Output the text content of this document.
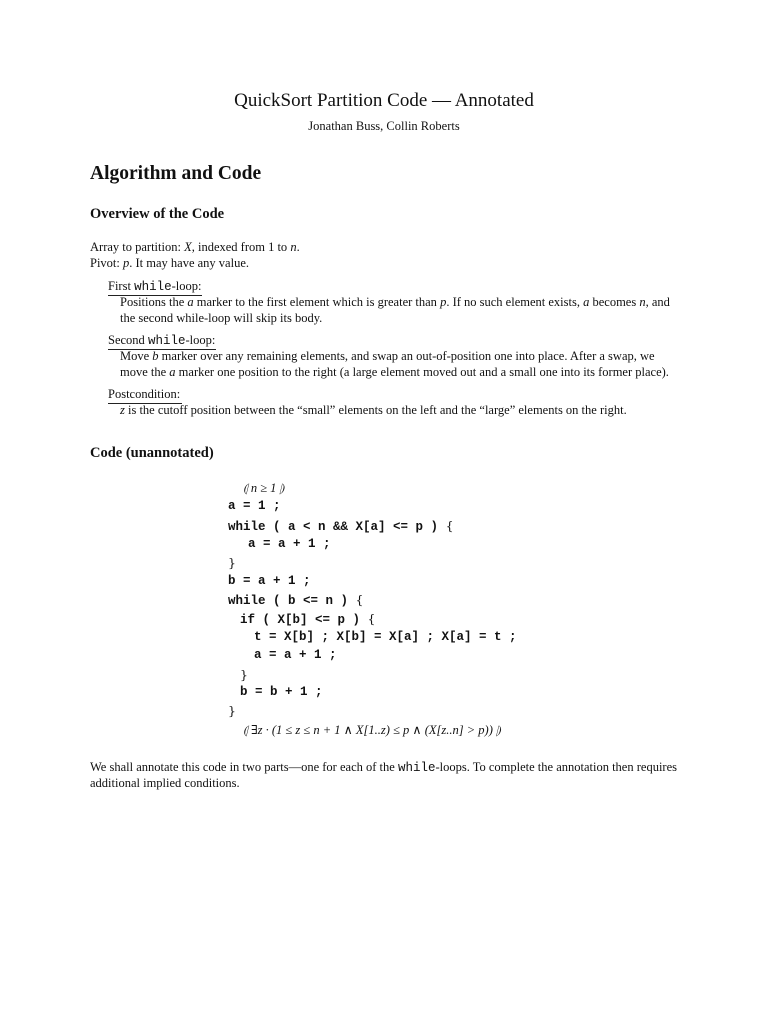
QuickSort Partition Code — Annotated
Jonathan Buss, Collin Roberts
Algorithm and Code
Overview of the Code
Array to partition: X, indexed from 1 to n.
Pivot: p. It may have any value.
First while-loop:
Positions the a marker to the first element which is greater than p. If no such element exists, a becomes n, and the second while-loop will skip its body.
Second while-loop:
Move b marker over any remaining elements, and swap an out-of-position one into place. After a swap, we move the a marker one position to the right (a large element moved out and a small one into its former place).
Postcondition:
z is the cutoff position between the “small” elements on the left and the “large” elements on the right.
Code (unannotated)
⦇ n ≥ 1 ⦈
a = 1 ;
while ( a < n && X[a] <= p ) {
a = a + 1 ;
}
b = a + 1 ;
while ( b <= n ) {
if ( X[b] <= p ) {
t = X[b] ; X[b] = X[a] ; X[a] = t ;
a = a + 1 ;
}
b = b + 1 ;
}
⦇ ∃z · (1 ≤ z ≤ n + 1 ∧ X[1..z) ≤ p ∧ (X[z..n] > p)) ⦈
We shall annotate this code in two parts—one for each of the while-loops. To complete the annotation then requires
additional implied conditions.
